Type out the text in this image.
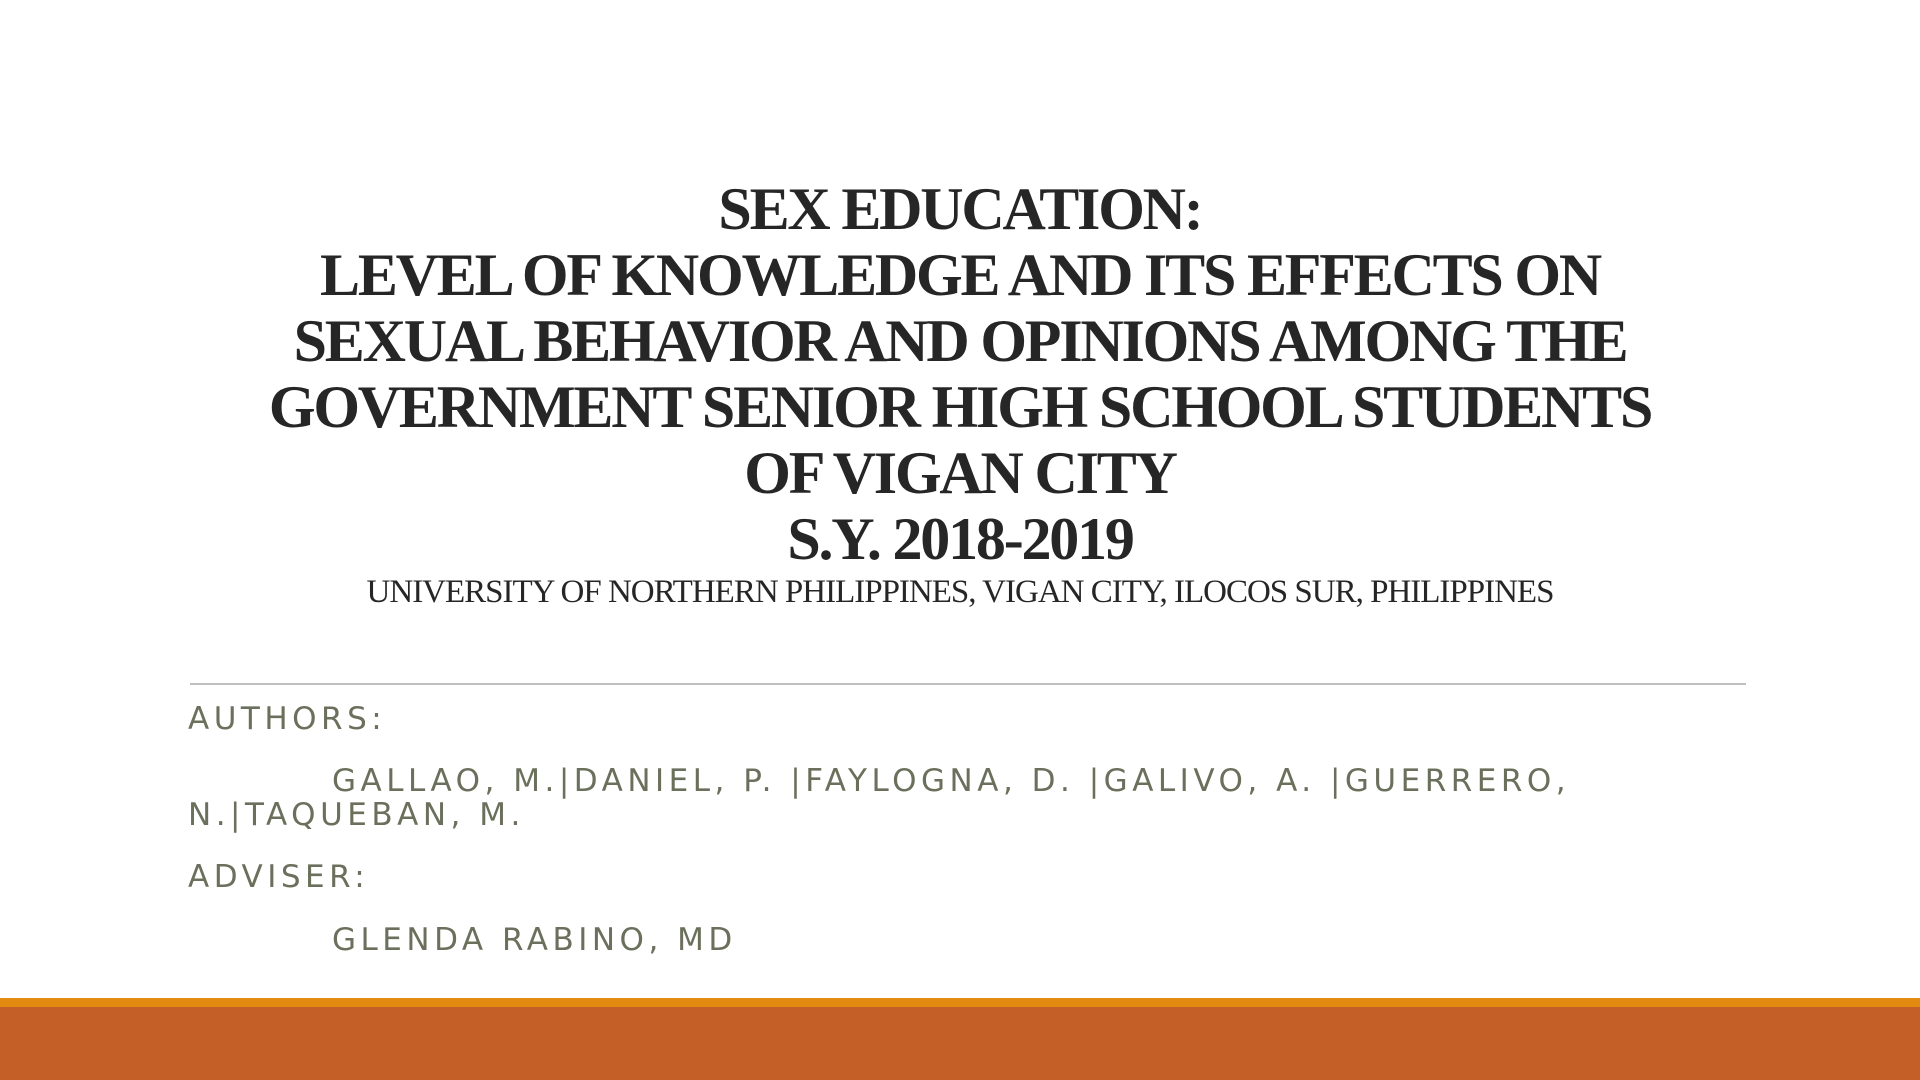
SEX EDUCATION:
LEVEL OF KNOWLEDGE AND ITS EFFECTS ON
SEXUAL BEHAVIOR AND OPINIONS AMONG THE
GOVERNMENT SENIOR HIGH SCHOOL STUDENTS
OF VIGAN CITY
S.Y. 2018-2019
UNIVERSITY OF NORTHERN PHILIPPINES, VIGAN CITY, ILOCOS SUR, PHILIPPINES
AUTHORS:
GALLAO, M.|DANIEL, P. |FAYLOGNA, D. |GALIVO, A. |GUERRERO,
N.|TAQUEBAN, M.
ADVISER:
GLENDA RABINO, MD
